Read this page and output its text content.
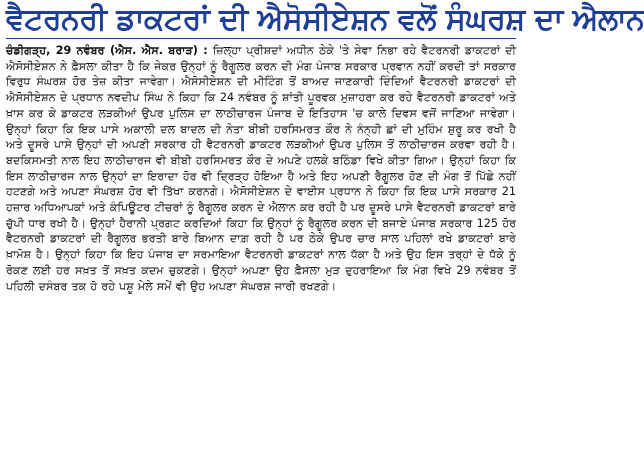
ਵੈਟਰਨਰੀ ਡਾਕਟਰਾਂ ਦੀ ਐਸੋਸੀਏਸ਼ਨ ਵਲੋਂ ਸੰਘਰਸ਼ ਦਾ ਐਲਾਨ
ਚੰਡੀਗੜ੍ਹ, 29 ਨਵੰਬਰ (ਐਸ. ਐਸ. ਬਰਾੜ) : ਜ਼ਿਲ੍ਹਾ ਪ੍ਰੀਸ਼ਦਾਂ ਅਧੀਨ ਠੇਕੇ 'ਤੇ ਸੇਵਾ ਨਿਭਾ ਰਹੇ ਵੈਟਰਨਰੀ ਡਾਕਟਰਾਂ ਦੀ ਐਸੋਸੀਏਸ਼ਨ ਨੇ ਫ਼ੈਸਲਾ ਕੀਤਾ ਹੈ ਕਿ ਜੇਕਰ ਉਨ੍ਹਾਂ ਨੂੰ ਰੈਗੂਲਰ ਕਰਨ ਦੀ ਮੰਗ ਪੰਜਾਬ ਸਰਕਾਰ ਪ੍ਰਵਾਨ ਨਹੀਂ ਕਰਦੀ ਤਾਂ ਸਰਕਾਰ ਵਿਰੁਧ ਸੰਘਰਸ਼ ਹੋਰ ਤੇਜ਼ ਕੀਤਾ ਜਾਵੇਗਾ। ਐਸੋਸੀਏਸ਼ਨ ਦੀ ਮੀਟਿੰਗ ਤੋਂ ਬਾਅਦ ਜਾਣਕਾਰੀ ਦਿੰਦਿਆਂ ਵੈਟਰਨਰੀ ਡਾਕਟਰਾਂ ਦੀ ਐਸੋਸੀਏਸ਼ਨ ਦੇ ਪ੍ਰਧਾਨ ਨਵਦੀਪ ਸਿੰਘ ਨੇ ਕਿਹਾ ਕਿ 24 ਨਵੰਬਰ ਨੂੰ ਸ਼ਾਂਤੀ ਪੂਰਵਕ ਮੁਜ਼ਾਹਰਾ ਕਰ ਰਹੇ ਵੈਟਰਨਰੀ ਡਾਕਟਰਾਂ ਅਤੇ ਖ਼ਾਸ ਕਰ ਕੇ ਡਾਕਟਰ ਲੜਕੀਆਂ ਉਪਰ ਪੁਲਿਸ ਦਾ ਲਾਠੀਚਾਰਜ ਪੰਜਾਬ ਦੇ ਇਤਿਹਾਸ 'ਚ ਕਾਲੇ ਦਿਵਸ ਵਜੋਂ ਜਾਣਿਆ ਜਾਵੇਗਾ। ਉਨ੍ਹਾਂ ਕਿਹਾ ਕਿ ਇਕ ਪਾਸੇ ਅਕਾਲੀ ਦਲ ਬਾਦਲ ਦੀ ਨੇਤਾ ਬੀਬੀ ਹਰਸਿਮਰਤ ਕੌਰ ਨੇ ਨੰਨ੍ਹੀ ਛਾਂ ਦੀ ਮੁਹਿੰਮ ਸ਼ੁਰੂ ਕਰ ਰਖੀ ਹੈ ਅਤੇ ਦੂਸਰੇ ਪਾਸੇ ਉਨ੍ਹਾਂ ਦੀ ਅਪਣੀ ਸਰਕਾਰ ਹੀ ਵੈਟਰਨਰੀ ਡਾਕਟਰ ਲੜਕੀਆਂ ਉਪਰ ਪੁਲਿਸ ਤੋਂ ਲਾਠੀਚਾਰਜ ਕਰਵਾ ਰਹੀ ਹੈ। ਬਦਕਿਸਮਤੀ ਨਾਲ ਇਹ ਲਾਠੀਚਾਰਜ ਵੀ ਬੀਬੀ ਹਰਸਿਮਰਤ ਕੌਰ ਦੇ ਅਪਣੇ ਹਲਕੇ ਬਠਿੰਡਾ ਵਿਖੇ ਕੀਤਾ ਗਿਆ। ਉਨ੍ਹਾਂ ਕਿਹਾ ਕਿ ਇਸ ਲਾਠੀਚਾਰਜ ਨਾਲ ਉਨ੍ਹਾਂ ਦਾ ਇਰਾਦਾ ਹੋਰ ਵੀ ਦ੍ਰਿੜ੍ਹ ਹੋਇਆ ਹੈ ਅਤੇ ਇਹ ਅਪਣੀ ਰੈਗੂਲਰ ਹੋਣ ਦੀ ਮੰਗ ਤੋਂ ਪਿੱਛੇ ਨਹੀਂ ਹਟਣਗੇ ਅਤੇ ਅਪਣਾ ਸੰਘਰਸ਼ ਹੋਰ ਵੀ ਤਿੱਖਾ ਕਰਨਗੇ। ਐਸੋਸੀਏਸ਼ਨ ਦੇ ਵਾਈਸ ਪ੍ਰਧਾਨ ਨੇ ਕਿਹਾ ਕਿ ਇਕ ਪਾਸੇ ਸਰਕਾਰ 21 ਹਜ਼ਾਰ ਅਧਿਆਪਕਾਂ ਅਤੇ ਕੰਪਿਊਟਰ ਟੀਚਰਾਂ ਨੂੰ ਰੈਗੂਲਰ ਕਰਨ ਦੇ ਐਲਾਨ ਕਰ ਰਹੀ ਹੈ ਪਰ ਦੂਸਰੇ ਪਾਸੇ ਵੈਟਰਨਰੀ ਡਾਕਟਰਾਂ ਬਾਰੇ ਚੁੱਪੀ ਧਾਰ ਰਖੀ ਹੈ। ਉਨ੍ਹਾਂ ਹੈਰਾਨੀ ਪ੍ਰਗਟ ਕਰਦਿਆਂ ਕਿਹਾ ਕਿ ਉਨ੍ਹਾਂ ਨੂੰ ਰੈਗੂਲਰ ਕਰਨ ਦੀ ਬਜਾਏ ਪੰਜਾਬ ਸਰਕਾਰ 125 ਹੋਰ ਵੈਟਰਨਰੀ ਡਾਕਟਰਾਂ ਦੀ ਰੈਗੂਲਰ ਭਰਤੀ ਬਾਰੇ ਬਿਆਨ ਦਾਗ਼ ਰਹੀ ਹੈ ਪਰ ਠੇਕੇ ਉਪਰ ਚਾਰ ਸਾਲ ਪਹਿਲਾਂ ਰਖੇ ਡਾਕਟਰਾਂ ਬਾਰੇ ਖ਼ਾਮੋਸ਼ ਹੈ। ਉਨ੍ਹਾਂ ਕਿਹਾ ਕਿ ਇਹ ਪੰਜਾਬ ਦਾ ਸਰਮਾਇਆ ਵੈਟਰਨਰੀ ਡਾਕਟਰਾਂ ਨਾਲ ਧੱਕਾ ਹੈ ਅਤੇ ਉਹ ਇਸ ਤਰ੍ਹਾਂ ਦੇ ਧੱਕੇ ਨੂੰ ਰੋਕਣ ਲਈ ਹਰ ਸਖ਼ਤ ਤੋਂ ਸਖ਼ਤ ਕਦਮ ਚੁਕਣਗੇ। ਉਨ੍ਹਾਂ ਅਪਣਾ ਉਹ ਫ਼ੈਸਲਾ ਮੁੜ ਦੁਹਰਾਇਆ ਕਿ ਮੰਗ ਵਿਖੇ 29 ਨਵੰਬਰ ਤੋਂ ਪਹਿਲੀ ਦਸੰਬਰ ਤਕ ਹੋ ਰਹੇ ਪਸ਼ੂ ਮੇਲੇ ਸਮੇਂ ਵੀ ਉਹ ਅਪਣਾ ਸੰਘਰਸ਼ ਜਾਰੀ ਰਖਣਗੇ।
